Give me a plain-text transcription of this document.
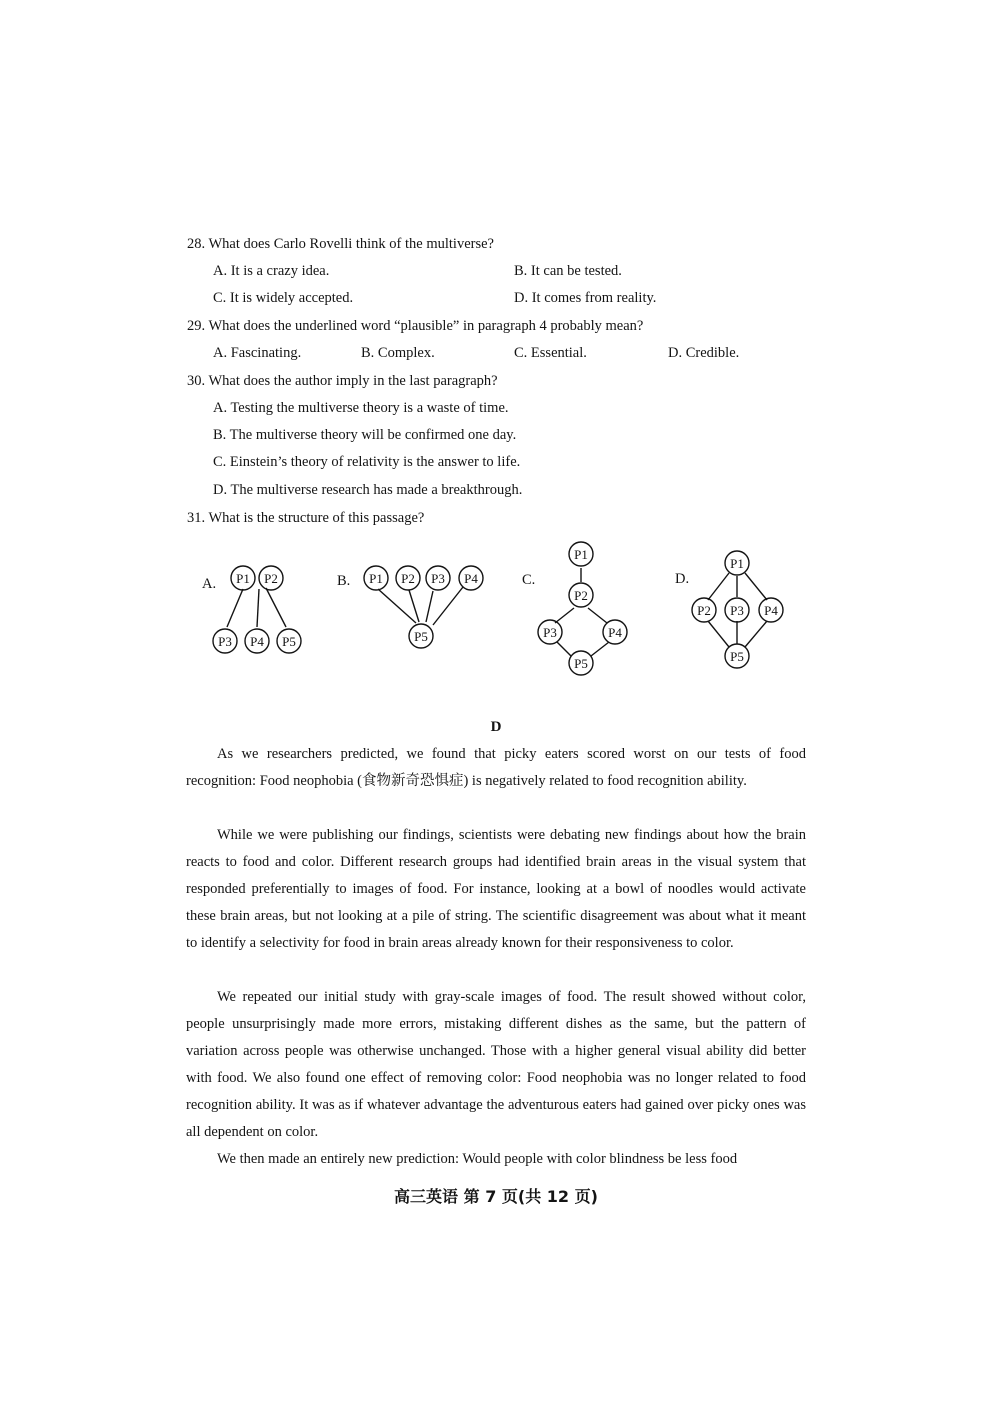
28. What does Carlo Rovelli think of the multiverse?
A. It is a crazy idea.	B. It can be tested.
C. It is widely accepted.	D. It comes from reality.
29. What does the underlined word “plausible” in paragraph 4 probably mean?
A. Fascinating.	B. Complex.	C. Essential.	D. Credible.
30. What does the author imply in the last paragraph?
A. Testing the multiverse theory is a waste of time.
B. The multiverse theory will be confirmed one day.
C. Einstein’s theory of relativity is the answer to life.
D. The multiverse research has made a breakthrough.
31. What is the structure of this passage?
A.	B.	C.	D.
P1 P2
P3 P4 P5
P1 P2 P3 P4
P5
P1
P2
P3	P4
P5
P1
P2 P3 P4
P5
D
As we researchers predicted, we found that picky eaters scored worst on our tests of food recognition: Food neophobia (食物新奇恐惧症) is negatively related to food recognition ability.
While we were publishing our findings, scientists were debating new findings about how the brain reacts to food and color. Different research groups had identified brain areas in the visual system that responded preferentially to images of food. For instance, looking at a bowl of noodles would activate these brain areas, but not looking at a pile of string. The scientific disagreement was about what it meant to identify a selectivity for food in brain areas already known for their responsiveness to color.
We repeated our initial study with gray-scale images of food. The result showed without color, people unsurprisingly made more errors, mistaking different dishes as the same, but the pattern of variation across people was otherwise unchanged. Those with a higher general visual ability did better with food. We also found one effect of removing color: Food neophobia was no longer related to food recognition ability. It was as if whatever advantage the adventurous eaters had gained over picky ones was all dependent on color.
We then made an entirely new prediction: Would people with color blindness be less food
高三英语 第 7 页(共 12 页)
